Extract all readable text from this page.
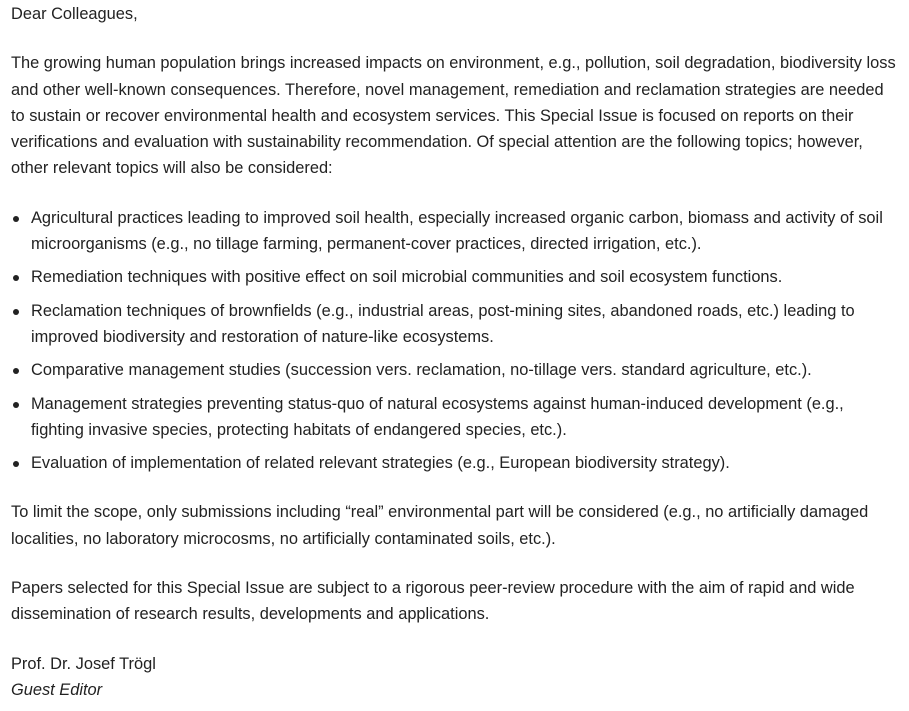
Dear Colleagues,

The growing human population brings increased impacts on environment, e.g., pollution, soil degradation, biodiversity loss and other well-known consequences. Therefore, novel management, remediation and reclamation strategies are needed to sustain or recover environmental health and ecosystem services. This Special Issue is focused on reports on their verifications and evaluation with sustainability recommendation. Of special attention are the following topics; however, other relevant topics will also be considered:

Agricultural practices leading to improved soil health, especially increased organic carbon, biomass and activity of soil microorganisms (e.g., no tillage farming, permanent-cover practices, directed irrigation, etc.).
Remediation techniques with positive effect on soil microbial communities and soil ecosystem functions.
Reclamation techniques of brownfields (e.g., industrial areas, post-mining sites, abandoned roads, etc.) leading to improved biodiversity and restoration of nature-like ecosystems.
Comparative management studies (succession vers. reclamation, no-tillage vers. standard agriculture, etc.).
Management strategies preventing status-quo of natural ecosystems against human-induced development (e.g., fighting invasive species, protecting habitats of endangered species, etc.).
Evaluation of implementation of related relevant strategies (e.g., European biodiversity strategy).

To limit the scope, only submissions including “real” environmental part will be considered (e.g., no artificially damaged localities, no laboratory microcosms, no artificially contaminated soils, etc.).

Papers selected for this Special Issue are subject to a rigorous peer-review procedure with the aim of rapid and wide dissemination of research results, developments and applications.

Prof. Dr. Josef Trögl
Guest Editor
